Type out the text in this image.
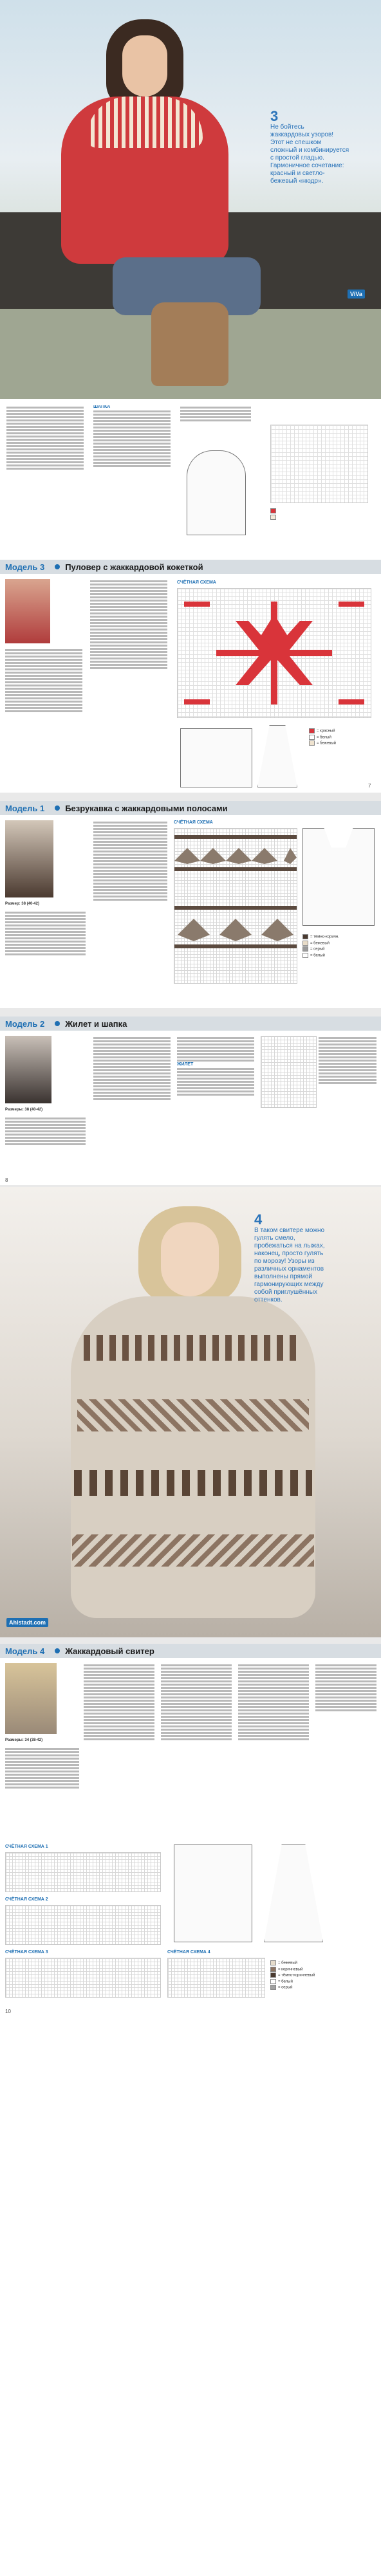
3
Не бойтесь
жаккардовых узоров!
Этот не спешком
сложный и комбинируется
с простой гладью.
Гармоничное сочетание:
красный и светло-
бежевый «нюдр».
ViVa
ШАПКА
Модель 3 Пуловер с жаккардовой кокеткой
СЧЁТНАЯ СХЕМА
= красный
= белый
= бежевый
7
Модель 1 Безрукавка с жаккардовыми полосами
Размер: 38 (40-42)
СЧЁТНАЯ СХЕМА
= тёмно-коричн.
= бежевый
= серый
= белый
Модель 2 Жилет и шапка
Размеры: 38 (40-42)
ЖИЛЕТ
8
4
В таком свитере можно
гулять смело,
пробежаться на лыжах,
наконец, просто гулять
по морозу! Узоры из
различных орнаментов
выполнены прямой
гармонирующих между
собой приглушённых
оттенков.
Ahlstadt.com
Модель 4 Жаккардовый свитер
Размеры: 34 (38-42)
СЧЁТНАЯ СХЕМА 1
СЧЁТНАЯ СХЕМА 2
СЧЁТНАЯ СХЕМА 3	СЧЁТНАЯ СХЕМА 4
= бежевый
= коричневый
= тёмно-коричневый
= белый
= серый
10
